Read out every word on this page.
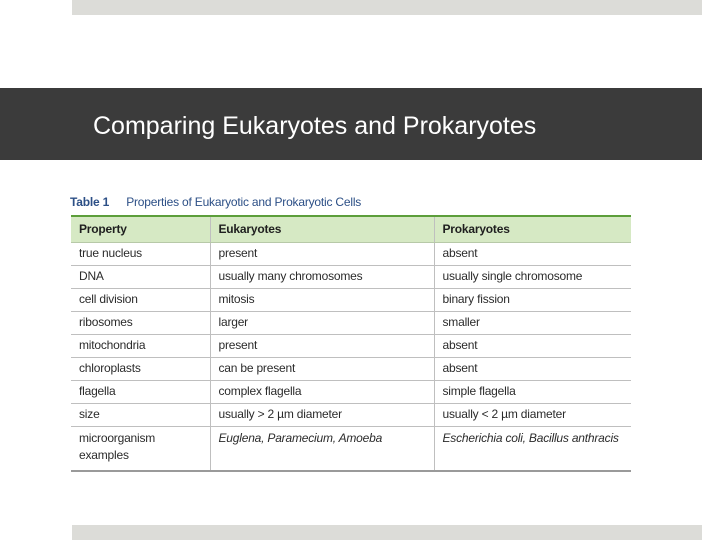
Comparing Eukaryotes and Prokaryotes
Table 1 Properties of Eukaryotic and Prokaryotic Cells
Property	Eukaryotes	Prokaryotes
true nucleus	present	absent
DNA	usually many chromosomes	usually single chromosome
cell division	mitosis	binary fission
ribosomes	larger	smaller
mitochondria	present	absent
chloroplasts	can be present	absent
flagella	complex flagella	simple flagella
size	usually > 2 µm diameter	usually < 2 µm diameter
microorganism examples	Euglena, Paramecium, Amoeba	Escherichia coli, Bacillus anthracis
